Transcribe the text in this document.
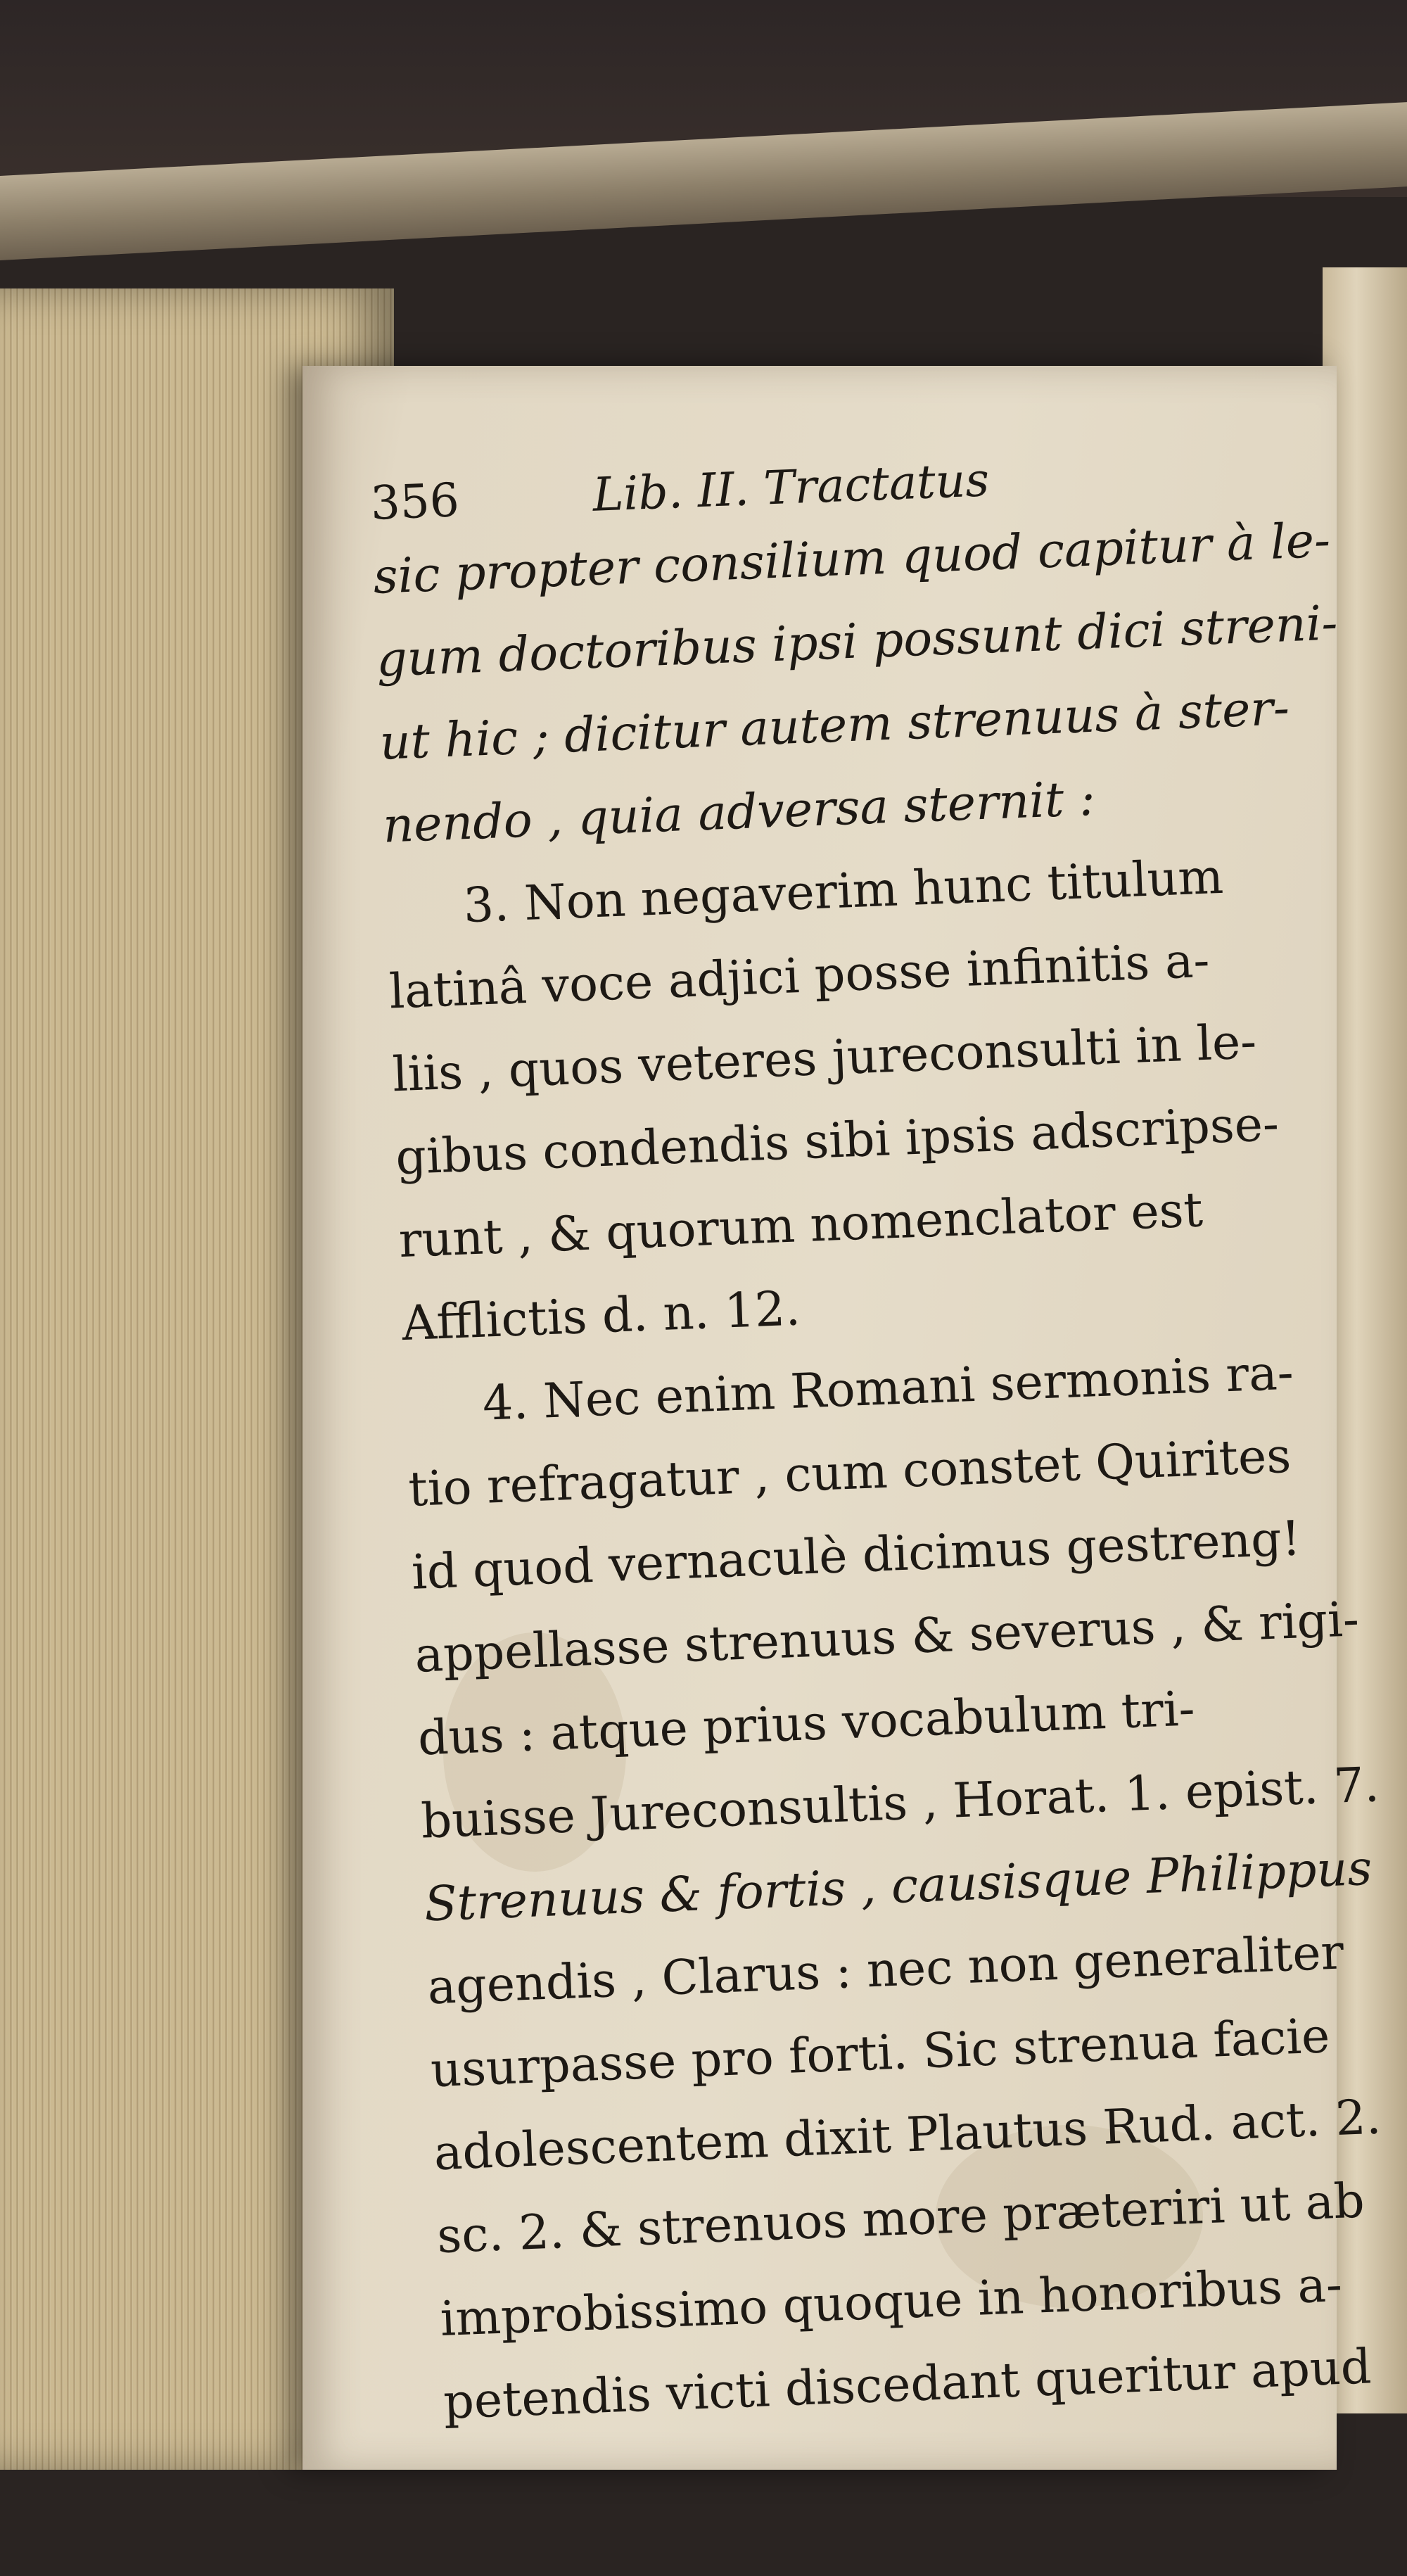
356	Lib. II. Tractatus
sic propter consilium quod capitur à le-
gum doctoribus ipsi possunt dici streni-
ut hic ; dicitur autem strenuus à ster-
nendo , quia adversa sternit :
3. Non negaverim hunc titulum
latinâ voce adjici posse infinitis a-
liis , quos veteres jureconsulti in le-
gibus condendis sibi ipsis adscripse-
runt , & quorum nomenclator est
Afflictis d. n. 12.
4. Nec enim Romani sermonis ra-
tio refragatur , cum constet Quirites
id quod vernaculè dicimus gestreng!
appellasse strenuus & severus , & rigi-
dus : atque prius vocabulum tri-
buisse Jureconsultis , Horat. 1. epist. 7.
Strenuus & fortis , causisque Philippus
agendis , Clarus : nec non generaliter
usurpasse pro forti. Sic strenua facie
adolescentem dixit Plautus Rud. act. 2.
sc. 2. & strenuos more præteriri ut ab
improbissimo quoque in honoribus a-
petendis victi discedant queritur apud
